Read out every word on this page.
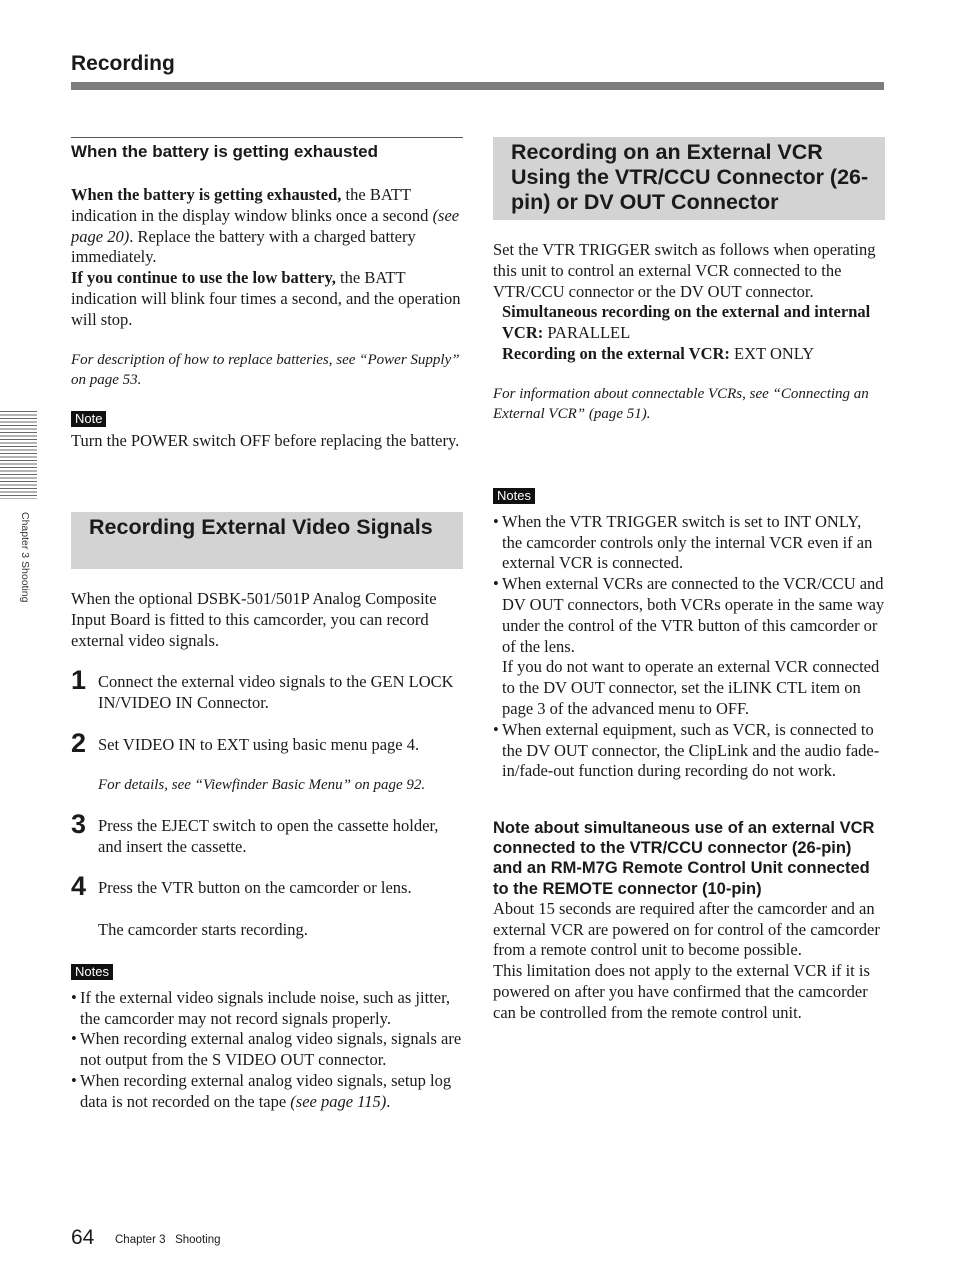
Recording
Chapter 3 Shooting
When the battery is getting exhausted

When the battery is getting exhausted, the BATT indication in the display window blinks once a second (see page 20). Replace the battery with a charged battery immediately.

If you continue to use the low battery, the BATT indication will blink four times a second, and the operation will stop.

For description of how to replace batteries, see “Power Supply” on page 53.

Note

Turn the POWER switch OFF before replacing the battery.

Recording External Video Signals

When the optional DSBK-501/501P Analog Composite Input Board is fitted to this camcorder, you can record external video signals.

1 Connect the external video signals to the GEN LOCK IN/VIDEO IN Connector.

2 Set VIDEO IN to EXT using basic menu page 4.

For details, see “Viewfinder Basic Menu” on page 92.

3 Press the EJECT switch to open the cassette holder, and insert the cassette.

4 Press the VTR button on the camcorder or lens.

The camcorder starts recording.

Notes
• If the external video signals include noise, such as jitter, the camcorder may not record signals properly.
• When recording external analog video signals, signals are not output from the S VIDEO OUT connector.
• When recording external analog video signals, setup log data is not recorded on the tape (see page 115).
Recording on an External VCR Using the VTR/CCU Connector (26-pin) or DV OUT Connector

Set the VTR TRIGGER switch as follows when operating this unit to control an external VCR connected to the VTR/CCU connector or the DV OUT connector.

Simultaneous recording on the external and internal VCR: PARALLEL

Recording on the external VCR: EXT ONLY

For information about connectable VCRs, see “Connecting an External VCR” (page 51).

Notes
• When the VTR TRIGGER switch is set to INT ONLY, the camcorder controls only the internal VCR even if an external VCR is connected.
• When external VCRs are connected to the VCR/CCU and DV OUT connectors, both VCRs operate in the same way under the control of the VTR button of this camcorder or of the lens.
If you do not want to operate an external VCR connected to the DV OUT connector, set the iLINK CTL item on page 3 of the advanced menu to OFF.
• When external equipment, such as VCR, is connected to the DV OUT connector, the ClipLink and the audio fade-in/fade-out function during recording do not work.
Note about simultaneous use of an external VCR connected to the VTR/CCU connector (26-pin) and an RM-M7G Remote Control Unit connected to the REMOTE connector (10-pin)

About 15 seconds are required after the camcorder and an external VCR are powered on for control of the camcorder from a remote control unit to become possible.

This limitation does not apply to the external VCR if it is powered on after you have confirmed that the camcorder can be controlled from the remote control unit.

64 Chapter 3   Shooting
